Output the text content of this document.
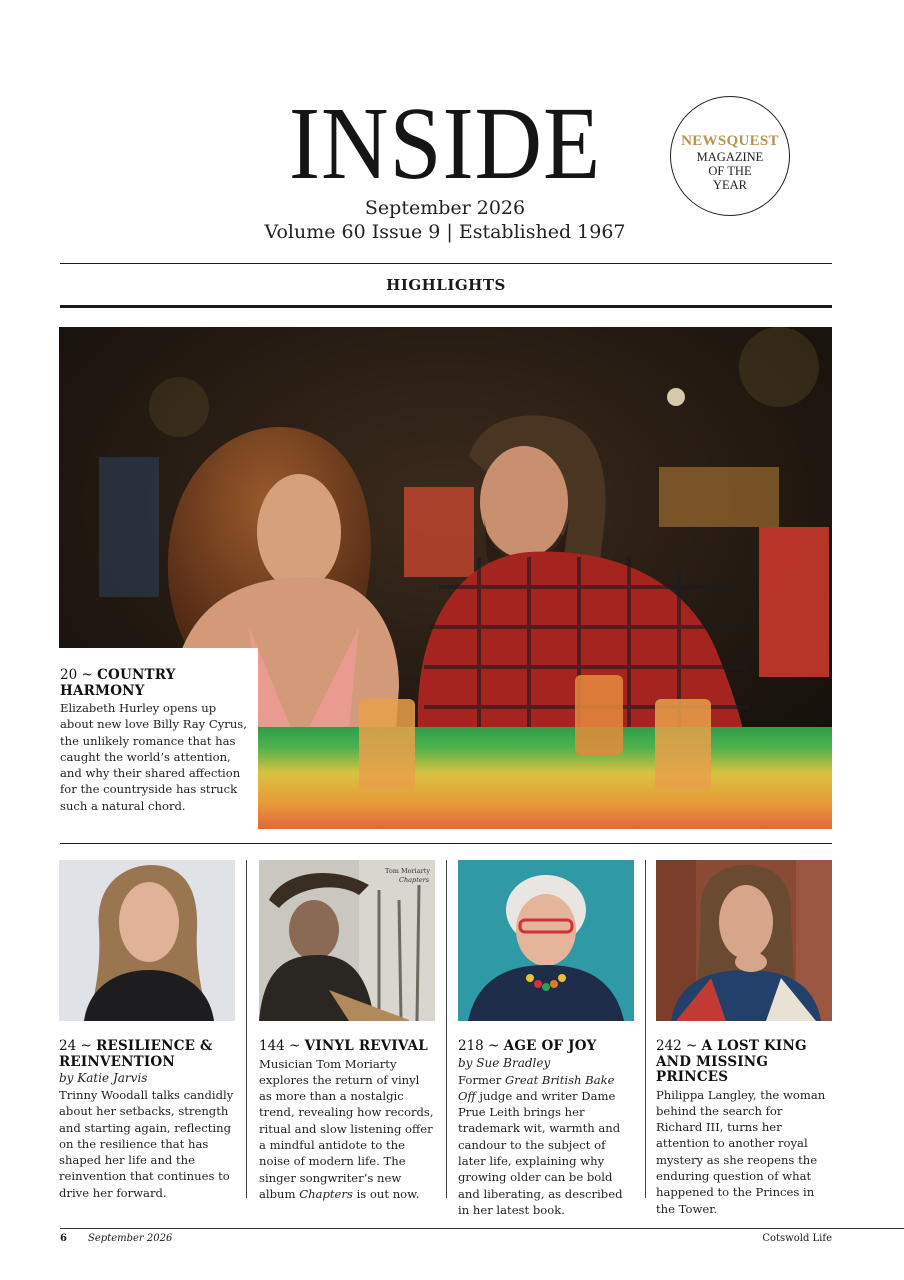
INSIDE
September 2026
Volume 60 Issue 9 | Established 1967
NEWSQUEST
MAGAZINE
OF THE
YEAR
HIGHLIGHTS
20 ~ COUNTRY HARMONY
Elizabeth Hurley opens up about new love Billy Ray Cyrus, the unlikely romance that has caught the world’s attention, and why their shared affection for the countryside has struck such a natural chord.
24 ~ RESILIENCE & REINVENTION
by Katie Jarvis
Trinny Woodall talks candidly about her setbacks, strength and starting again, reflecting on the resilience that has shaped her life and the reinvention that continues to drive her forward.
Tom Moriarty
Chapters
144 ~ VINYL REVIVAL
Musician Tom Moriarty explores the return of vinyl as more than a nostalgic trend, revealing how records, ritual and slow listening offer a mindful antidote to the noise of modern life. The singer songwriter’s new album Chapters is out now.
218 ~ AGE OF JOY
by Sue Bradley
Former Great British Bake Off judge and writer Dame Prue Leith brings her trademark wit, warmth and candour to the subject of later life, explaining why growing older can be bold and liberating, as described in her latest book.
242 ~ A LOST KING AND MISSING PRINCES
Philippa Langley, the woman behind the search for Richard III, turns her attention to another royal mystery as she reopens the enduring question of what happened to the Princes in the Tower.
6 September 2026	Cotswold Life
